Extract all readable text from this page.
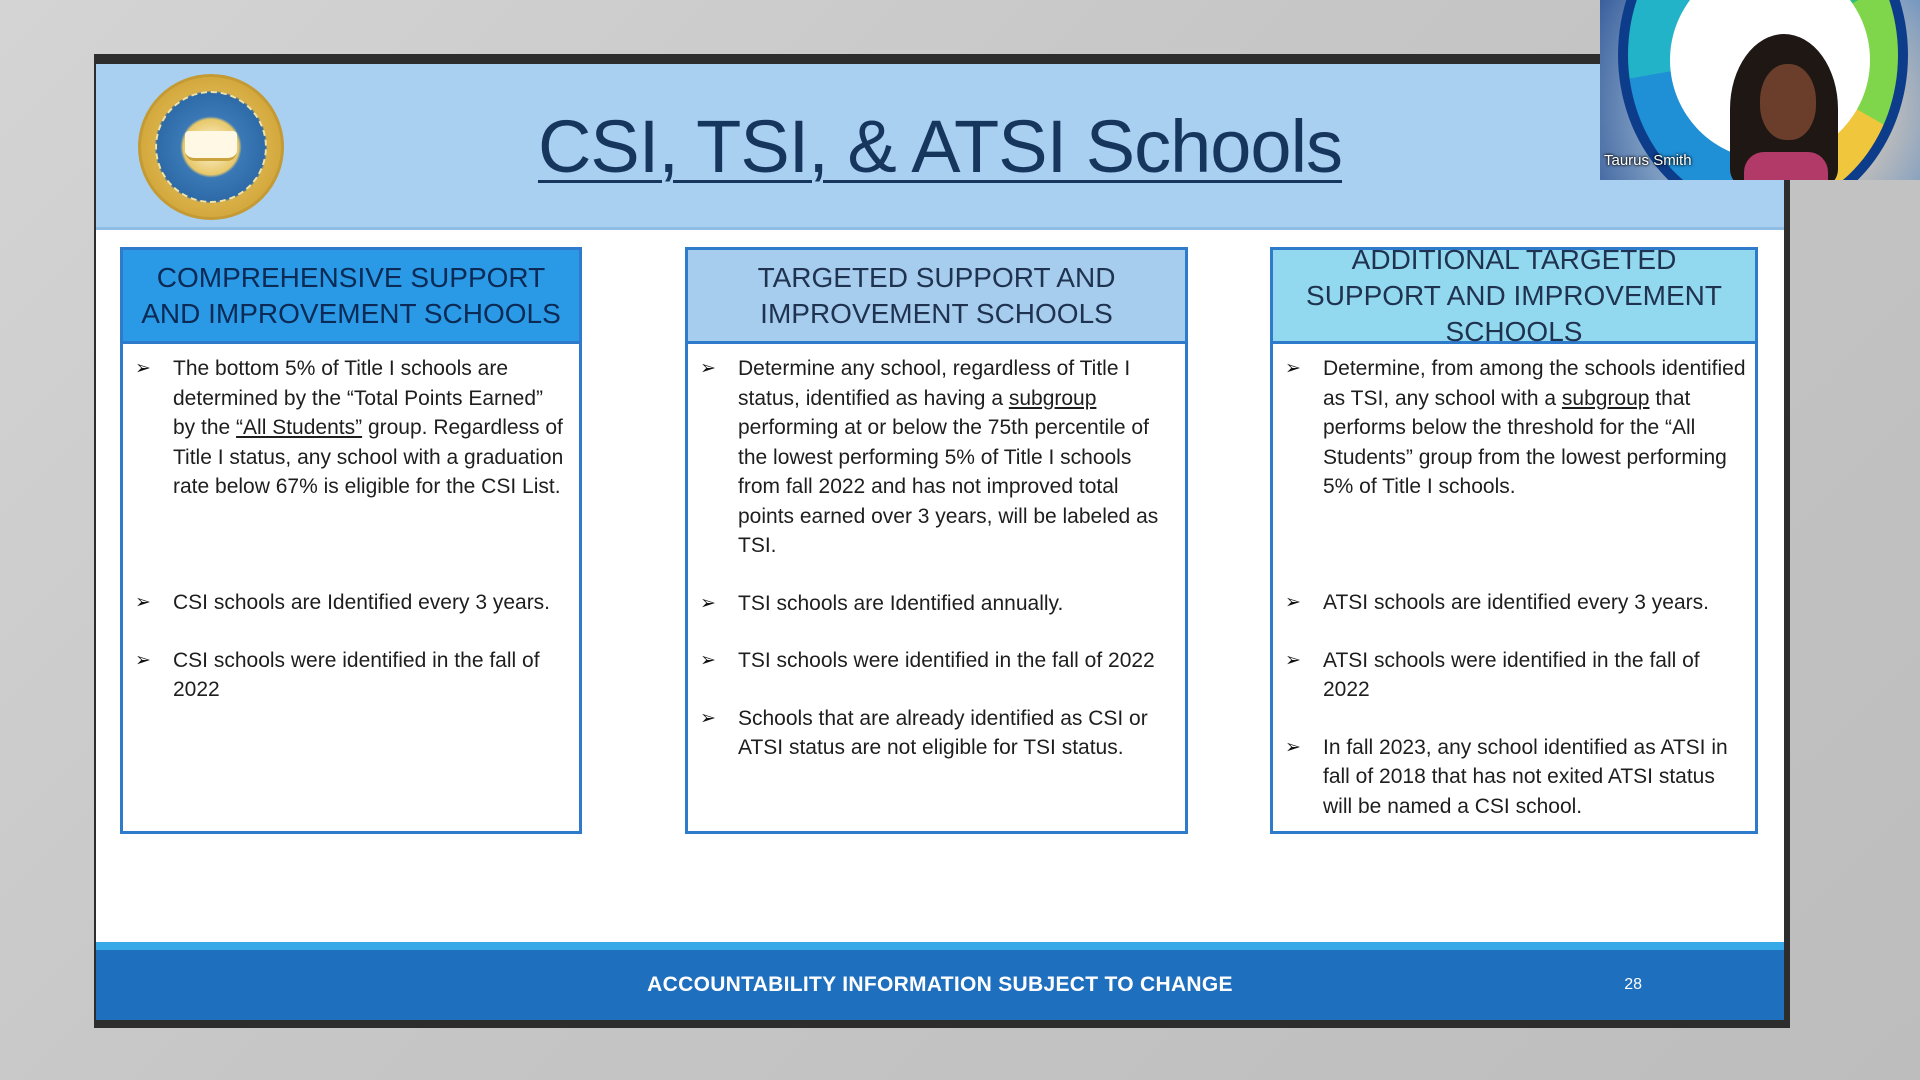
CSI, TSI, & ATSI Schools
COMPREHENSIVE SUPPORT AND IMPROVEMENT SCHOOLS
➢	The bottom 5% of Title I schools are determined by the “Total Points Earned” by the “All Students” group. Regardless of Title I status, any school with a graduation rate below 67% is eligible for the CSI List.
➢	CSI schools are Identified every 3 years.
➢	CSI schools were identified in the fall of 2022
TARGETED SUPPORT AND IMPROVEMENT SCHOOLS
➢	Determine any school, regardless of Title I status, identified as having a subgroup performing at or below the 75th percentile of the lowest performing 5% of Title I schools from fall 2022 and has not improved total points earned over 3 years, will be labeled as TSI.
➢	TSI schools are Identified annually.
➢	TSI schools were identified in the fall of 2022
➢	Schools that are already identified as CSI or ATSI status are not eligible for TSI status.
ADDITIONAL TARGETED SUPPORT AND IMPROVEMENT SCHOOLS
➢	Determine, from among the schools identified as TSI, any school with a subgroup that performs below the threshold for the “All Students” group from the lowest performing 5% of Title I schools.
➢	ATSI schools are identified every 3 years.
➢	ATSI schools were identified in the fall of 2022
➢	In fall 2023, any school identified as ATSI in fall of 2018 that has not exited ATSI status will be named a CSI school.
ACCOUNTABILITY INFORMATION SUBJECT TO CHANGE	28
Taurus Smith
